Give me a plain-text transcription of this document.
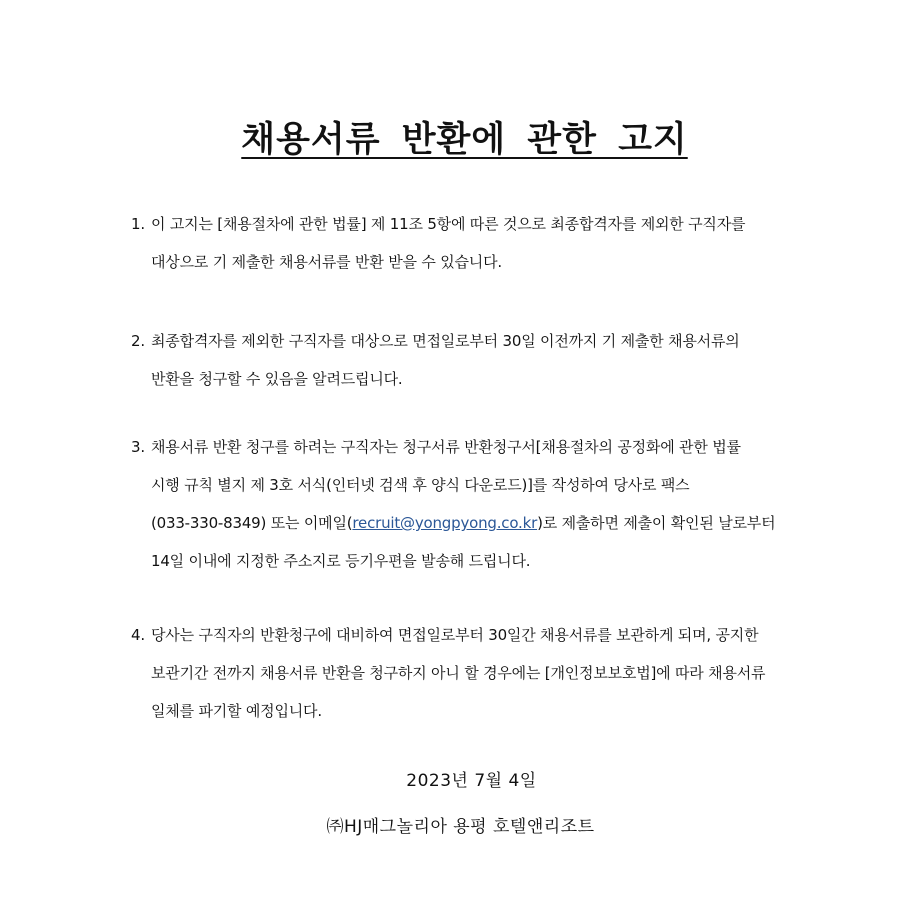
채용서류 반환에 관한 고지
1. 이 고지는 [채용절차에 관한 법률] 제 11조 5항에 따른 것으로 최종합격자를 제외한 구직자를
대상으로 기 제출한 채용서류를 반환 받을 수 있습니다.
2. 최종합격자를 제외한 구직자를 대상으로 면접일로부터 30일 이전까지 기 제출한 채용서류의
반환을 청구할 수 있음을 알려드립니다.
3. 채용서류 반환 청구를 하려는 구직자는 청구서류 반환청구서[채용절차의 공정화에 관한 법률
시행 규칙 별지 제 3호 서식(인터넷 검색 후 양식 다운로드)]를 작성하여 당사로 팩스
(033-330-8349) 또는 이메일(recruit@yongpyong.co.kr)로 제출하면 제출이 확인된 날로부터
14일 이내에 지정한 주소지로 등기우편을 발송해 드립니다.
4. 당사는 구직자의 반환청구에 대비하여 면접일로부터 30일간 채용서류를 보관하게 되며, 공지한
보관기간 전까지 채용서류 반환을 청구하지 아니 할 경우에는 [개인정보보호법]에 따라 채용서류
일체를 파기할 예정입니다.
2023년 7월 4일
㈜HJ매그놀리아 용평 호텔앤리조트
